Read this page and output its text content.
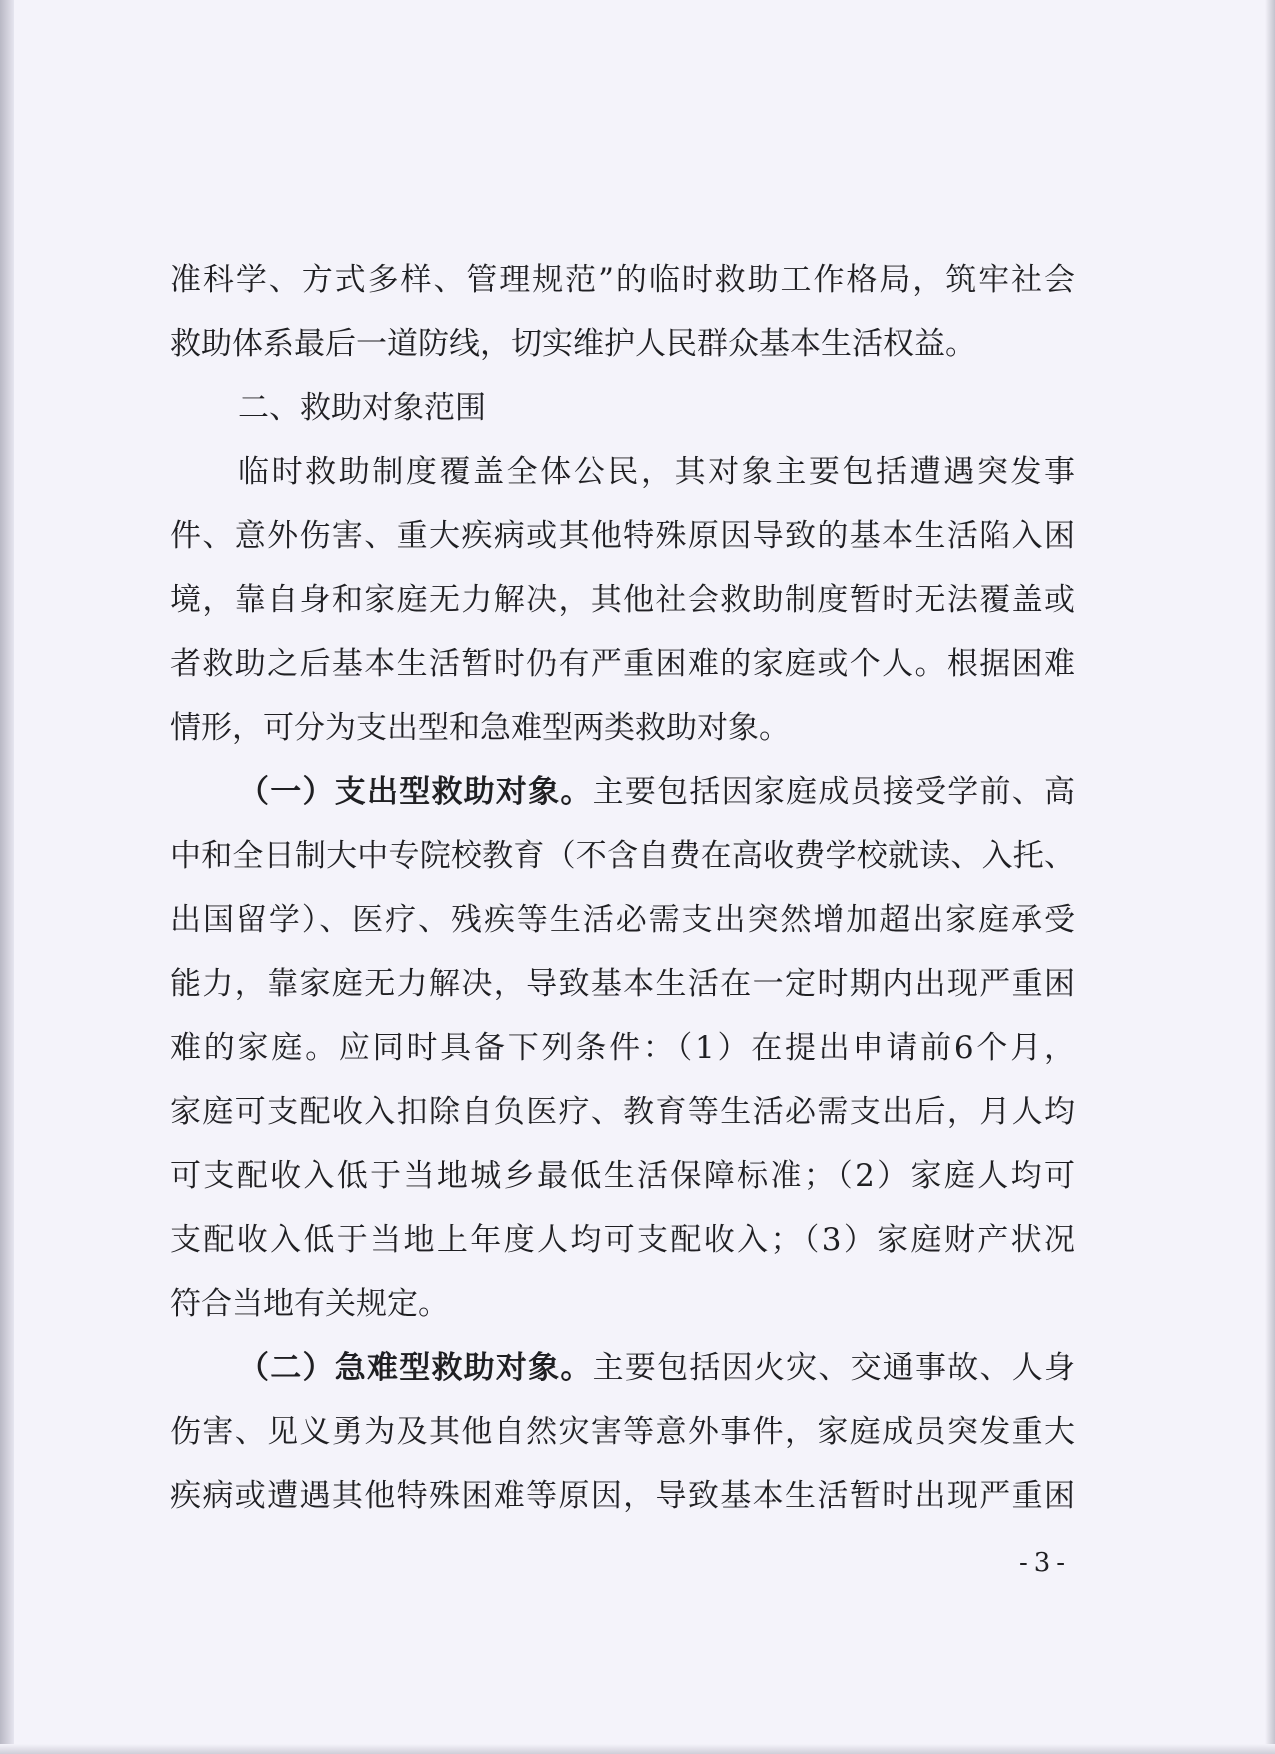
准科学、方式多样、管理规范”的临时救助工作格局，筑牢社会
救助体系最后一道防线，切实维护人民群众基本生活权益。
二、救助对象范围
临时救助制度覆盖全体公民，其对象主要包括遭遇突发事
件、意外伤害、重大疾病或其他特殊原因导致的基本生活陷入困
境，靠自身和家庭无力解决，其他社会救助制度暂时无法覆盖或
者救助之后基本生活暂时仍有严重困难的家庭或个人。根据困难
情形，可分为支出型和急难型两类救助对象。
（一）支出型救助对象。主要包括因家庭成员接受学前、高
中和全日制大中专院校教育（不含自费在高收费学校就读、入托、
出国留学）、医疗、残疾等生活必需支出突然增加超出家庭承受
能力，靠家庭无力解决，导致基本生活在一定时期内出现严重困
难的家庭。应同时具备下列条件：（1）在提出申请前6个月，
家庭可支配收入扣除自负医疗、教育等生活必需支出后，月人均
可支配收入低于当地城乡最低生活保障标准；（2）家庭人均可
支配收入低于当地上年度人均可支配收入；（3）家庭财产状况
符合当地有关规定。
（二）急难型救助对象。主要包括因火灾、交通事故、人身
伤害、见义勇为及其他自然灾害等意外事件，家庭成员突发重大
疾病或遭遇其他特殊困难等原因，导致基本生活暂时出现严重困
-3-
